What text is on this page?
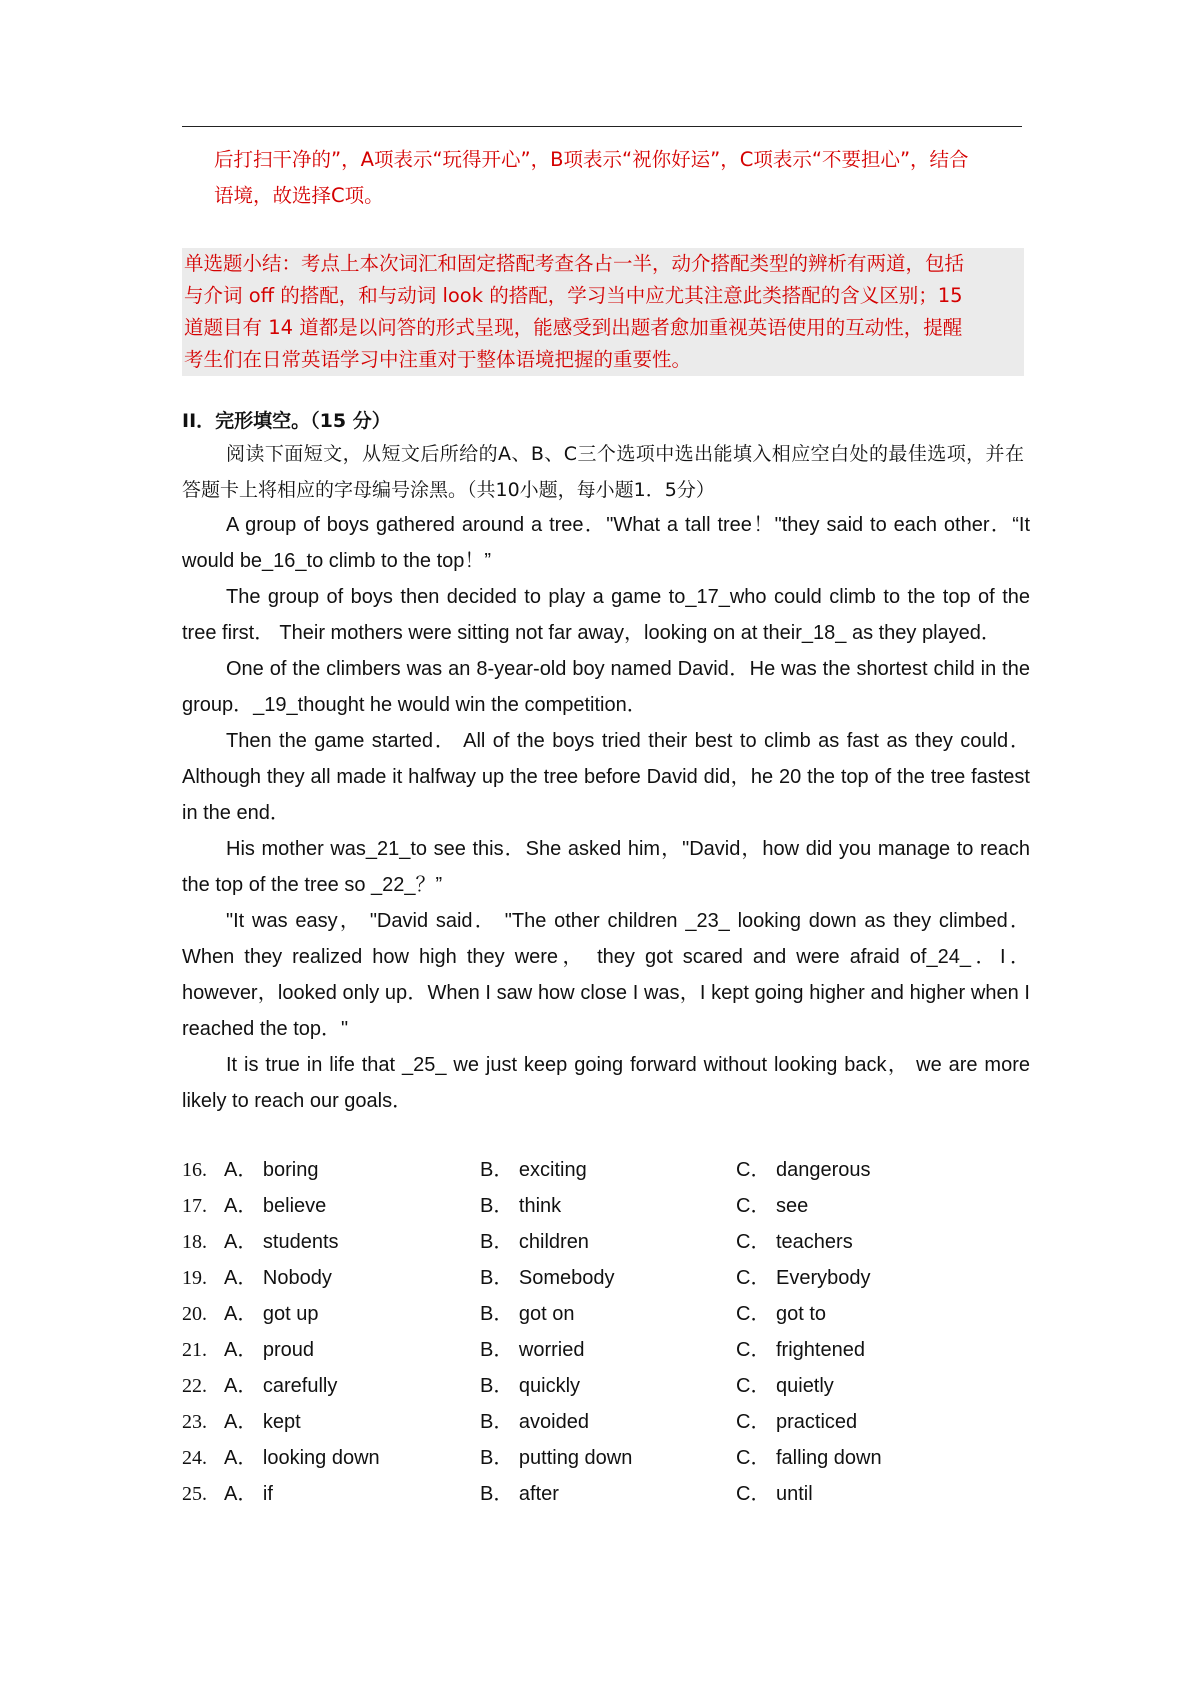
后打扫干净的”，A项表示“玩得开心”，B项表示“祝你好运”，C项表示“不要担心”，结合
语境，故选择C项。
单选题小结：考点上本次词汇和固定搭配考查各占一半，动介搭配类型的辨析有两道，包括
与介词 off 的搭配，和与动词 look 的搭配，学习当中应尤其注意此类搭配的含义区别；15
道题目有 14 道都是以问答的形式呈现，能感受到出题者愈加重视英语使用的互动性，提醒
考生们在日常英语学习中注重对于整体语境把握的重要性。
II．完形填空。（15 分）

阅读下面短文，从短文后所给的A、B、C三个选项中选出能填入相应空白处的最佳选项，并在答题卡上将相应的字母编号涂黑。（共10小题，每小题1．5分）

A group of boys gathered around a tree．"What a tall tree！"they said to each other．“It would be_16_to climb to the top！”

The group of boys then decided to play a game to_17_who could climb to the top of the tree first． Their mothers were sitting not far away，looking on at their_18_ as they played．

One of the climbers was an 8-year-old boy named David．He was the shortest child in the group．_19_thought he would win the competition．

Then the game started． All of the boys tried their best to climb as fast as they could．Although they all made it halfway up the tree before David did，he 20 the top of the tree fastest in the end．

His mother was_21_to see this．She asked him，"David，how did you manage to reach the top of the tree so _22_？”

"It was easy， "David said． "The other children _23_ looking down as they climbed． When they realized how high they were， they got scared and were afraid of_24_．I． however，looked only up．When I saw how close I was，I kept going higher and higher when I reached the top．"

It is true in life that _25_ we just keep going forward without looking back， we are more likely to reach our goals．

16. A． boring	B． exciting	C． dangerous
17. A． believe	B． think	C． see
18. A． students	B． children	C． teachers
19. A． Nobody	B． Somebody	C． Everybody
20. A． got up	B． got on	C． got to
21. A． proud	B． worried	C． frightened
22. A． carefully	B． quickly	C． quietly
23. A． kept	B． avoided	C． practiced
24. A． looking down	B． putting down	C． falling down
25. A． if	B． after	C． until
